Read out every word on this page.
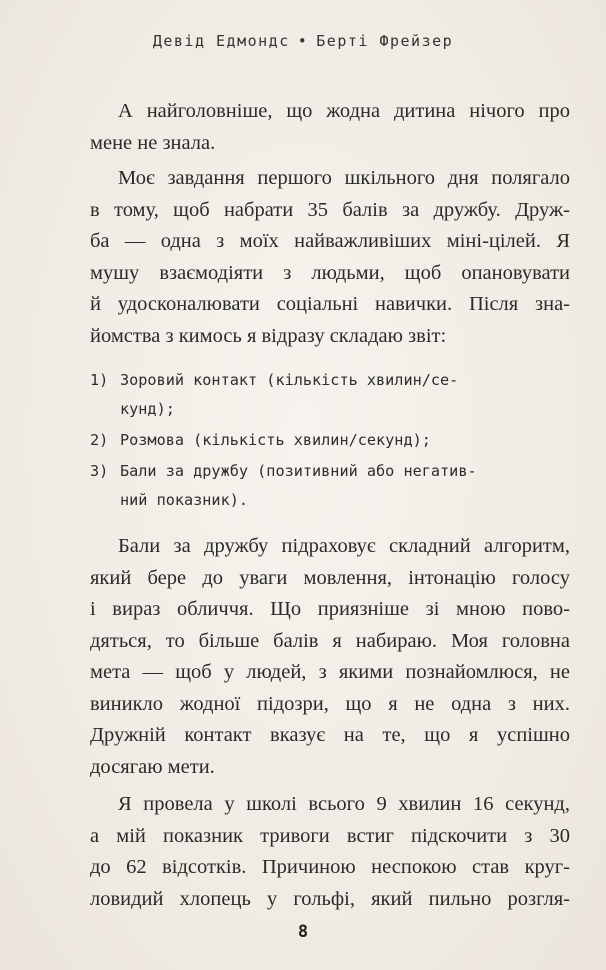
Девід Едмондс • Берті Фрейзер

А найголовніше, що жодна дитина нічого про
мене не знала.

Моє завдання першого шкільного дня полягало
в тому, щоб набрати 35 балів за дружбу. Друж-
ба — одна з моїх найважливіших міні-цілей. Я
мушу взаємодіяти з людьми, щоб опановувати
й удосконалювати соціальні навички. Після зна-
йомства з кимось я відразу складаю звіт:

1) Зоровий контакт (кількість хвилин/се-
кунд);
2) Розмова (кількість хвилин/секунд);
3) Бали за дружбу (позитивний або негатив-
ний показник).

Бали за дружбу підраховує складний алгоритм,
який бере до уваги мовлення, інтонацію голосу
і вираз обличчя. Що приязніше зі мною пово-
дяться, то більше балів я набираю. Моя головна
мета — щоб у людей, з якими познайомлюся, не
виникло жодної підозри, що я не одна з них.
Дружній контакт вказує на те, що я успішно
досягаю мети.

Я провела у школі всього 9 хвилин 16 секунд,
а мій показник тривоги встиг підскочити з 30
до 62 відсотків. Причиною неспокою став круг-
ловидий хлопець у гольфі, який пильно розгля-

8
